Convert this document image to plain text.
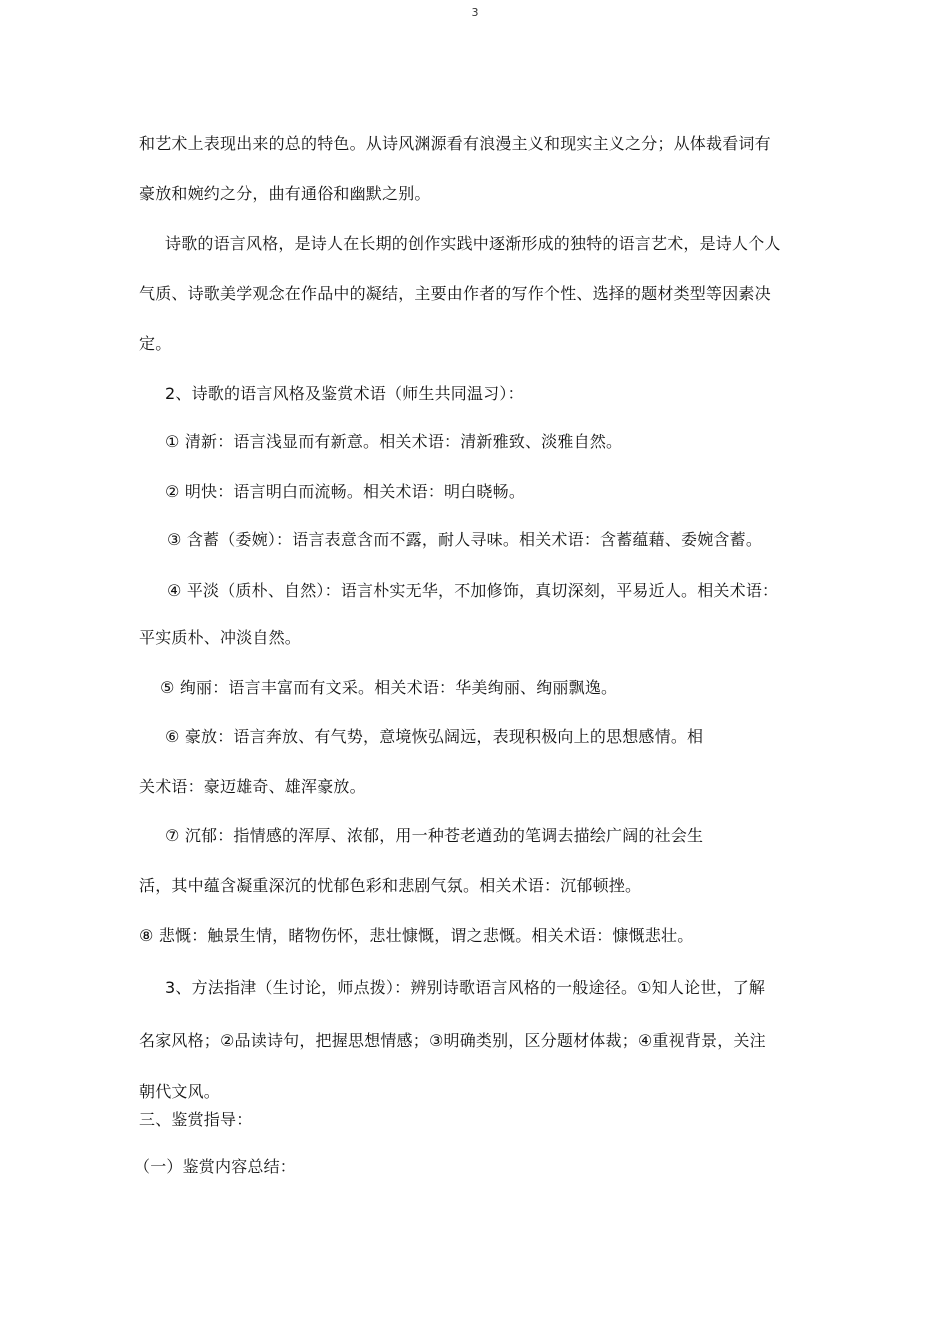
3
和艺术上表现出来的总的特色。从诗风渊源看有浪漫主义和现实主义之分；从体裁看词有
豪放和婉约之分，曲有通俗和幽默之别。
诗歌的语言风格，是诗人在长期的创作实践中逐渐形成的独特的语言艺术，是诗人个人
气质、诗歌美学观念在作品中的凝结，主要由作者的写作个性、选择的题材类型等因素决
定。
2、诗歌的语言风格及鉴赏术语（师生共同温习）：
① 清新：语言浅显而有新意。相关术语：清新雅致、淡雅自然。
② 明快：语言明白而流畅。相关术语：明白晓畅。
③ 含蓄（委婉）：语言表意含而不露，耐人寻味。相关术语：含蓄蕴藉、委婉含蓄。
④ 平淡（质朴、自然）：语言朴实无华，不加修饰，真切深刻，平易近人。相关术语：
平实质朴、冲淡自然。
⑤ 绚丽：语言丰富而有文采。相关术语：华美绚丽、绚丽飘逸。
⑥ 豪放：语言奔放、有气势，意境恢弘阔远，表现积极向上的思想感情。相
关术语：豪迈雄奇、雄浑豪放。
⑦ 沉郁：指情感的浑厚、浓郁，用一种苍老遒劲的笔调去描绘广阔的社会生
活，其中蕴含凝重深沉的忧郁色彩和悲剧气氛。相关术语：沉郁顿挫。
⑧ 悲慨：触景生情，睹物伤怀，悲壮慷慨，谓之悲慨。相关术语：慷慨悲壮。
3、方法指津（生讨论，师点拨）：辨别诗歌语言风格的一般途径。①知人论世，了解
名家风格；②品读诗句，把握思想情感；③明确类别，区分题材体裁；④重视背景，关注
朝代文风。
三、鉴赏指导：
（一）鉴赏内容总结：
